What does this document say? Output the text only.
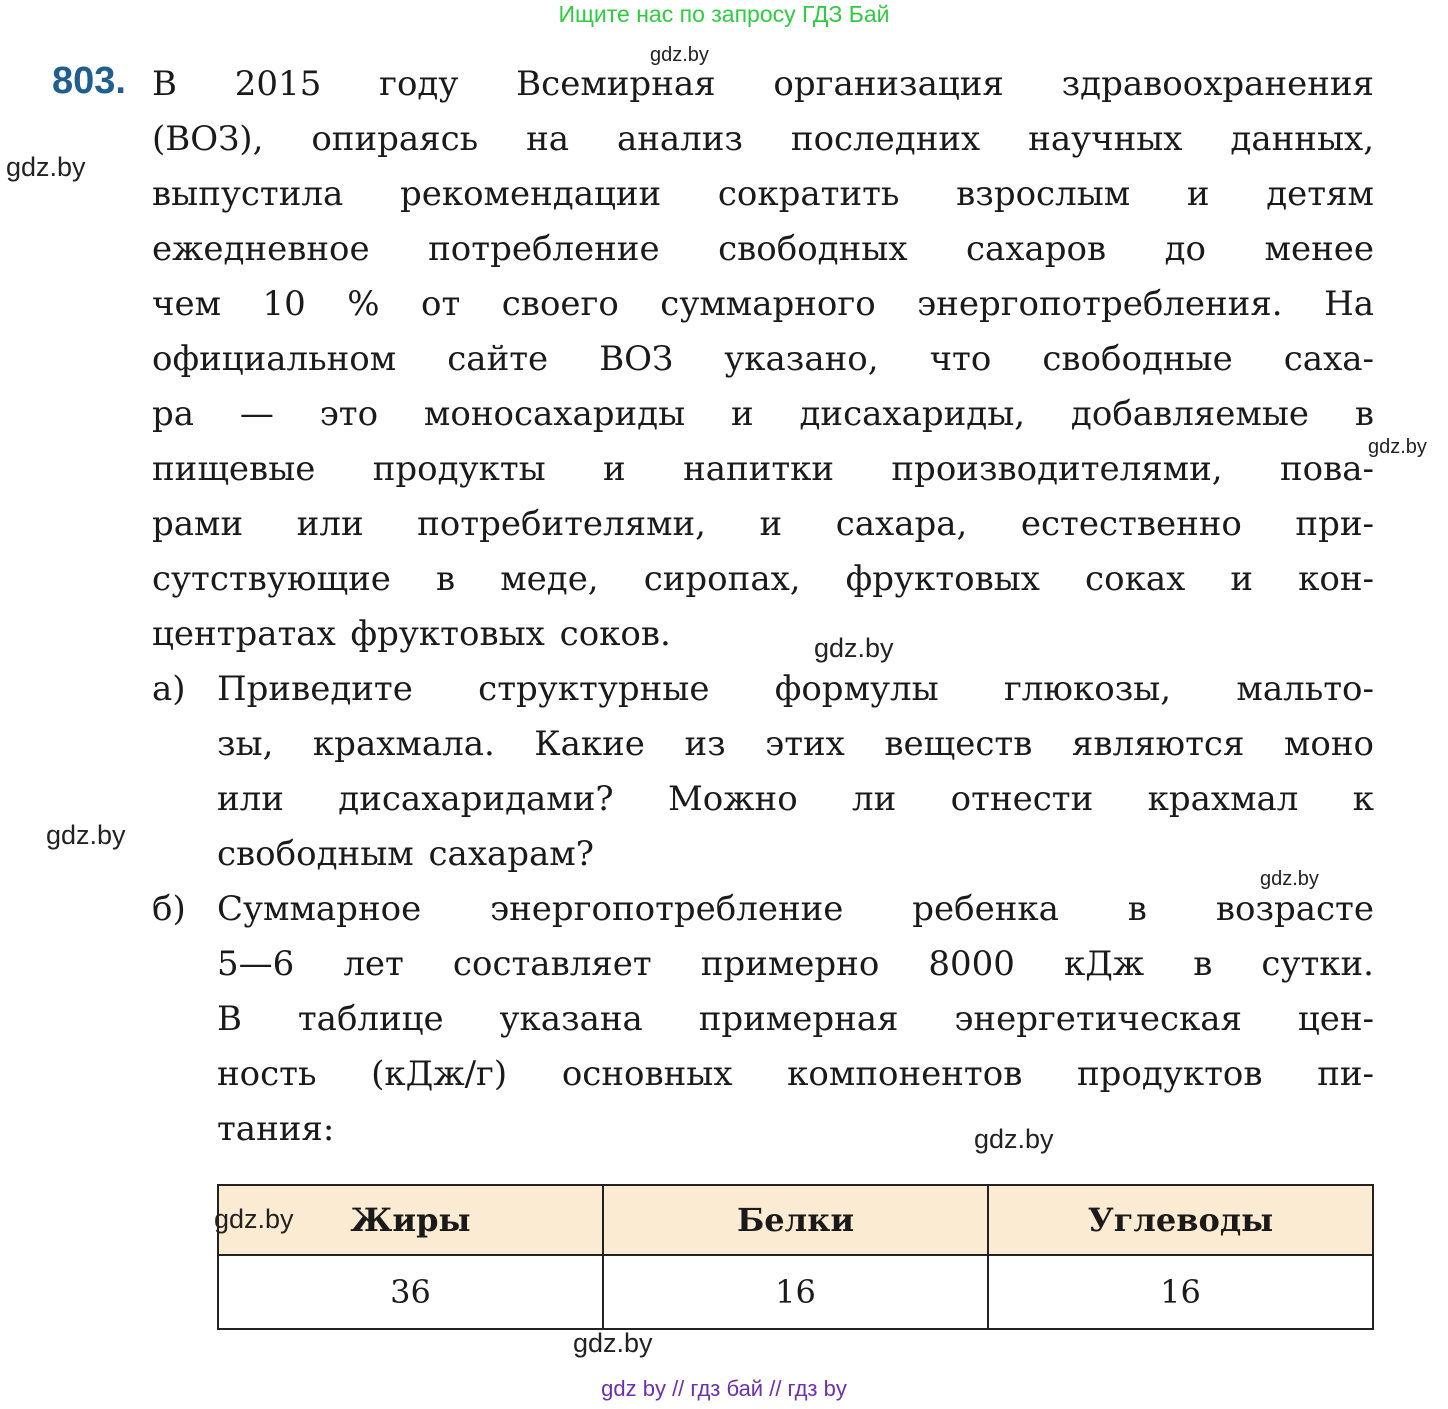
Ищите нас по запросу ГДЗ Бай
803. В 2015 году Всемирная организация здравоохранения
(ВОЗ), опираясь на анализ последних научных данных,
выпустила рекомендации сократить взрослым и детям
ежедневное потребление свободных сахаров до менее
чем 10 % от своего суммарного энергопотребления. На
официальном сайте ВОЗ указано, что свободные саха-
ра — это моносахариды и дисахариды, добавляемые в
пищевые продукты и напитки производителями, пова-
рами или потребителями, и сахара, естественно при-
сутствующие в меде, сиропах, фруктовых соках и кон-
центратах фруктовых соков.
а) Приведите структурные формулы глюкозы, мальто-
зы, крахмала. Какие из этих веществ являются моно
или дисахаридами? Можно ли отнести крахмал к
свободным сахарам?
б) Суммарное энергопотребление ребенка в возрасте
5—6 лет составляет примерно 8000 кДж в сутки.
В таблице указана примерная энергетическая цен-
ность (кДж/г) основных компонентов продуктов пи-
тания:
Жиры	Белки	Углеводы
36	16	16
gdz.by
gdz.by
gdz.by
gdz.by
gdz.by
gdz.by
gdz.by
gdz.by
gdz.by
gdz by // гдз бай // гдз by
